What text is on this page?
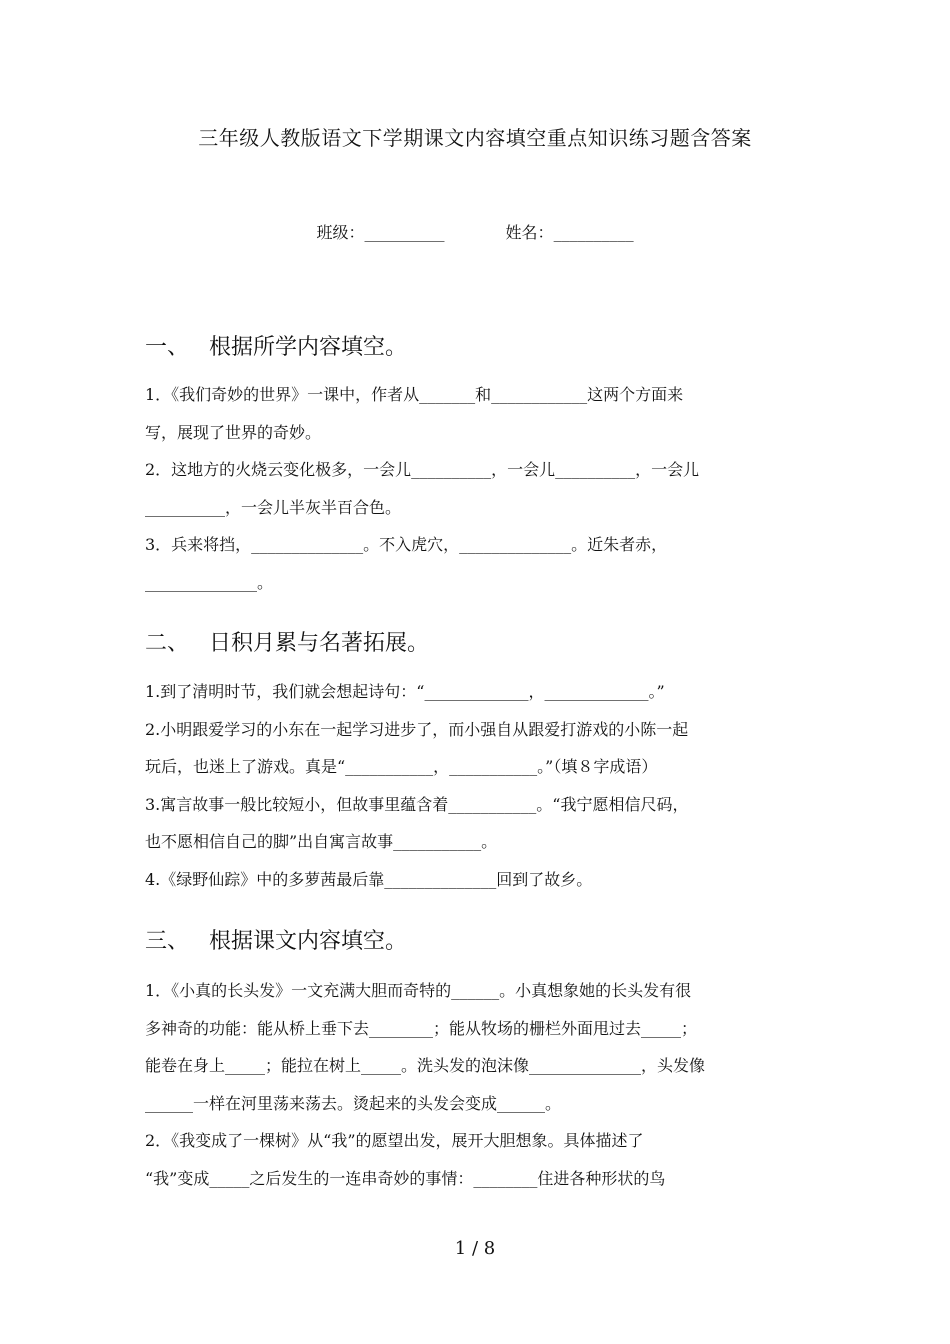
三年级人教版语文下学期课文内容填空重点知识练习题含答案
班级：__________	姓名：__________
一、 根据所学内容填空。

1．《我们奇妙的世界》一课中，作者从_______和____________这两个方面来

写，展现了世界的奇妙。

2．这地方的火烧云变化极多，一会儿__________，一会儿__________，一会儿

__________，一会儿半灰半百合色。

3．兵来将挡，______________。不入虎穴，______________。近朱者赤，

______________。

二、 日积月累与名著拓展。

1.到了清明时节，我们就会想起诗句：“_____________，_____________。”

2.小明跟爱学习的小东在一起学习进步了，而小强自从跟爱打游戏的小陈一起

玩后，也迷上了游戏。真是“___________，___________。”（填８字成语）

3.寓言故事一般比较短小，但故事里蕴含着___________。“我宁愿相信尺码，

也不愿相信自己的脚”出自寓言故事___________。

4.《绿野仙踪》中的多萝茜最后靠______________回到了故乡。

三、 根据课文内容填空。

1．《小真的长头发》一文充满大胆而奇特的______。小真想象她的长头发有很

多神奇的功能：能从桥上垂下去________；能从牧场的栅栏外面甩过去_____；

能卷在身上_____；能拉在树上_____。洗头发的泡沫像______________，头发像

______一样在河里荡来荡去。烫起来的头发会变成______。

2．《我变成了一棵树》从“我”的愿望出发，展开大胆想象。具体描述了

“我”变成_____之后发生的一连串奇妙的事情：________住进各种形状的鸟

1 / 8
